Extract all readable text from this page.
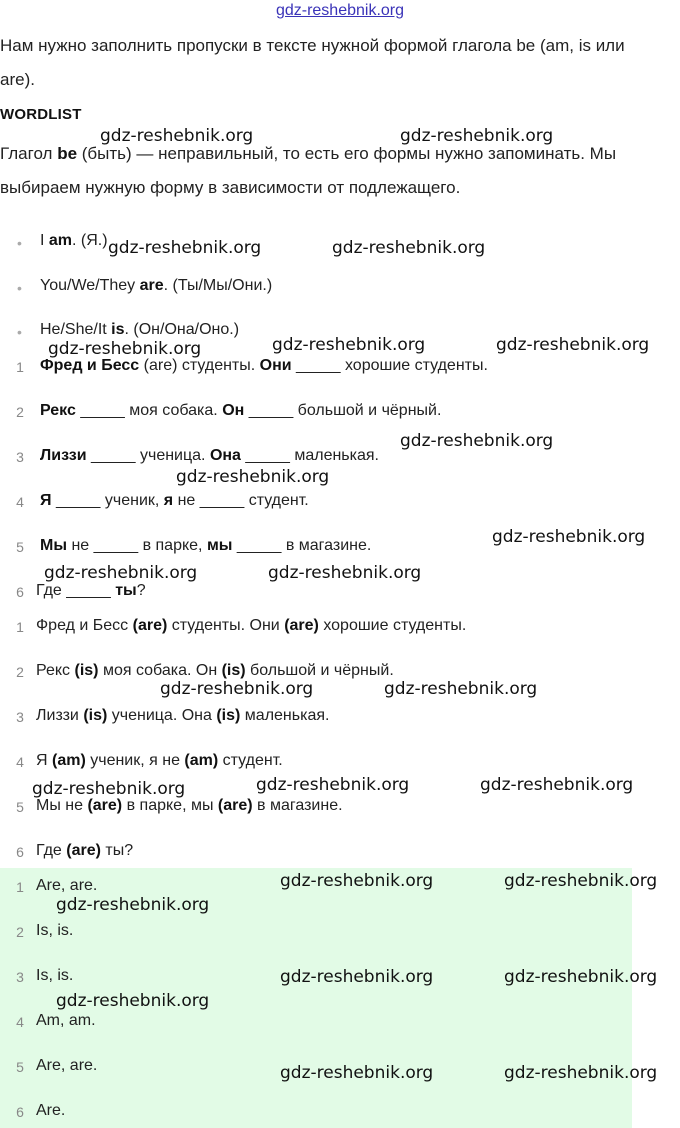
gdz-reshebnik.org
Нам нужно заполнить пропуски в тексте нужной формой глагола be (am, is или
are).
WORDLIST
Глагол be (быть) — неправильный, то есть его формы нужно запоминать. Мы
выбираем нужную форму в зависимости от подлежащего.
• I am. (Я.)
• You/We/They are. (Ты/Мы/Они.)
• He/She/It is. (Он/Она/Оно.)
1 Фред и Бесс (are) студенты. Они _____ хорошие студенты.
2 Рекс _____ моя собака. Он _____ большой и чёрный.
3 Лиззи _____ ученица. Она _____ маленькая.
4 Я _____ ученик, я не _____ студент.
5 Мы не _____ в парке, мы _____ в магазине.
6 Где _____ ты?
1 Фред и Бесс (are) студенты. Они (are) хорошие студенты.
2 Рекс (is) моя собака. Он (is) большой и чёрный.
3 Лиззи (is) ученица. Она (is) маленькая.
4 Я (am) ученик, я не (am) студент.
5 Мы не (are) в парке, мы (are) в магазине.
6 Где (are) ты?
1 Are, are.
2 Is, is.
3 Is, is.
4 Am, am.
5 Are, are.
6 Are.
gdz-reshebnik.org	gdz-reshebnik.org
gdz-reshebnik.org	gdz-reshebnik.org
gdz-reshebnik.org	gdz-reshebnik.org	gdz-reshebnik.org
gdz-reshebnik.org
gdz-reshebnik.org
gdz-reshebnik.org
gdz-reshebnik.org	gdz-reshebnik.org
gdz-reshebnik.org	gdz-reshebnik.org
gdz-reshebnik.org	gdz-reshebnik.org	gdz-reshebnik.org
gdz-reshebnik.org	gdz-reshebnik.org
gdz-reshebnik.org
gdz-reshebnik.org	gdz-reshebnik.org
gdz-reshebnik.org
gdz-reshebnik.org	gdz-reshebnik.org
